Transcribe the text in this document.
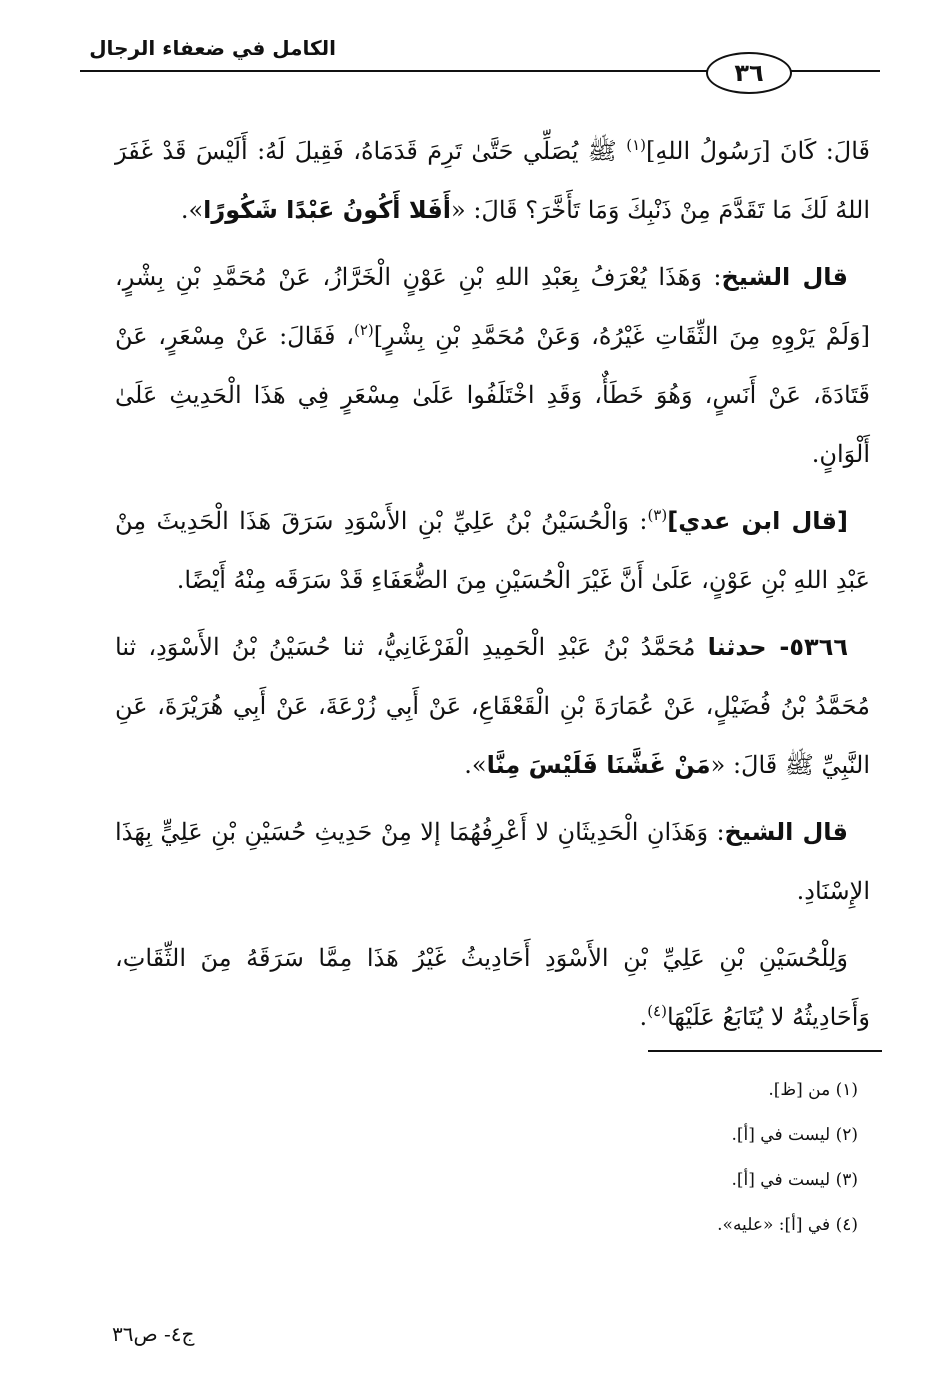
الكامل في ضعفاء الرجال
٣٦

قَالَ: كَانَ [رَسُولُ اللهِ]$^{(١)}$ ﷺ يُصَلِّي حَتَّىٰ تَرِمَ قَدَمَاهُ، فَقِيلَ لَهُ: أَلَيْسَ قَدْ غَفَرَ اللهُ لَكَ مَا تَقَدَّمَ مِنْ ذَنْبِكَ وَمَا تَأَخَّرَ؟ قَالَ: «أَفَلا أَكُونُ عَبْدًا شَكُورًا».

قال الشيخ: وَهَذَا يُعْرَفُ بِعَبْدِ اللهِ بْنِ عَوْنٍ الْخَرَّازُ، عَنْ مُحَمَّدِ بْنِ بِشْرٍ، [وَلَمْ يَرْوِهِ مِنَ الثِّقَاتِ غَيْرُهُ، وَعَنْ مُحَمَّدِ بْنِ بِشْرٍ]$^{(٢)}$، فَقَالَ: عَنْ مِسْعَرٍ، عَنْ قَتَادَةَ، عَنْ أَنَسٍ، وَهُوَ خَطَأٌ، وَقَدِ اخْتَلَفُوا عَلَىٰ مِسْعَرٍ فِي هَذَا الْحَدِيثِ عَلَىٰ أَلْوَانٍ.

[قال ابن عدي]$^{(٣)}$: وَالْحُسَيْنُ بْنُ عَلِيِّ بْنِ الأَسْوَدِ سَرَقَ هَذَا الْحَدِيثَ مِنْ عَبْدِ اللهِ بْنِ عَوْنٍ، عَلَىٰ أَنَّ غَيْرَ الْحُسَيْنِ مِنَ الضُّعَفَاءِ قَدْ سَرَقَه مِنْهُ أَيْضًا.

٥٣٦٦- حدثنا مُحَمَّدُ بْنُ عَبْدِ الْحَمِيدِ الْفَرْغَانِيُّ، ثنا حُسَيْنُ بْنُ الأَسْوَدِ، ثنا مُحَمَّدُ بْنُ فُضَيْلٍ، عَنْ عُمَارَةَ بْنِ الْقَعْقَاعِ، عَنْ أَبِي زُرْعَةَ، عَنْ أَبِي هُرَيْرَةَ، عَنِ النَّبِيِّ ﷺ قَالَ: «مَنْ غَشَّنَا فَلَيْسَ مِنَّا».

قال الشيخ: وَهَذَانِ الْحَدِيثَانِ لا أَعْرِفُهُمَا إلا مِنْ حَدِيثِ حُسَيْنِ بْنِ عَلِيٍّ بِهَذَا الإِسْنَادِ.

وَلِلْحُسَيْنِ بْنِ عَلِيِّ بْنِ الأَسْوَدِ أَحَادِيثُ غَيْرُ هَذَا مِمَّا سَرَقَهُ مِنَ الثِّقَاتِ، وَأَحَادِيثُهُ لا يُتَابَعُ عَلَيْهَا$^{(٤)}$.

(١) من [ظ].

(٢) ليست في [أ].

(٣) ليست في [أ].

(٤) في [أ]: «عليه».

ج٤- ص٣٦
